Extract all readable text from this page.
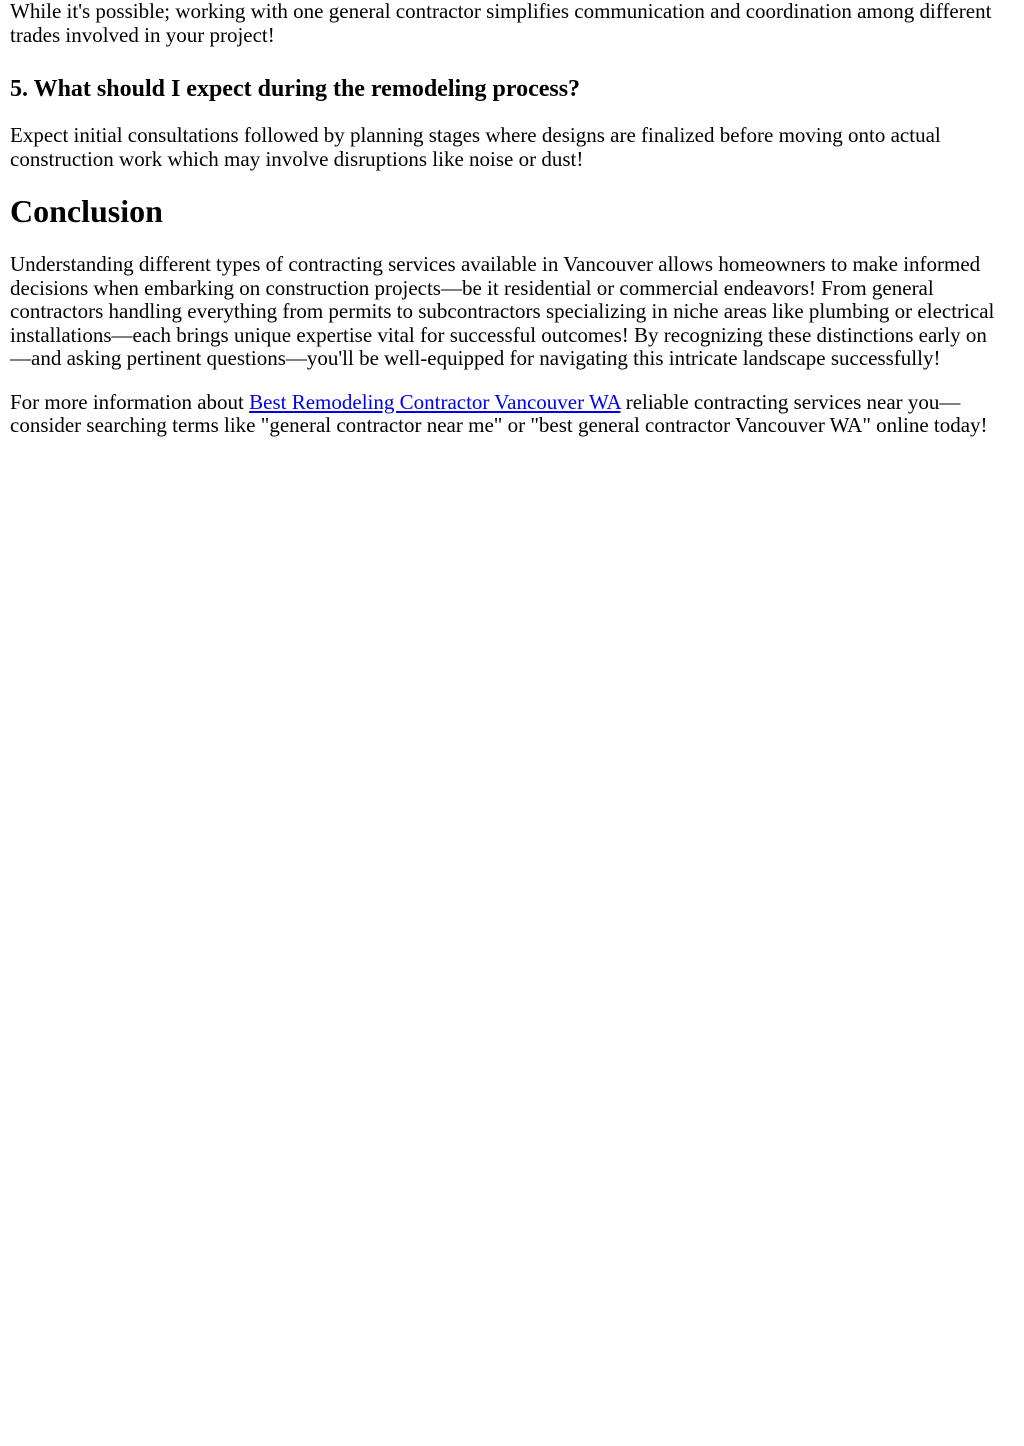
While it's possible; working with one general contractor simplifies communication and coordination among different trades involved in your project!

5. What should I expect during the remodeling process?

Expect initial consultations followed by planning stages where designs are finalized before moving onto actual construction work which may involve disruptions like noise or dust!

Conclusion

Understanding different types of contracting services available in Vancouver allows homeowners to make informed decisions when embarking on construction projects—be it residential or commercial endeavors! From general contractors handling everything from permits to subcontractors specializing in niche areas like plumbing or electrical installations—each brings unique expertise vital for successful outcomes! By recognizing these distinctions early on—and asking pertinent questions—you'll be well-equipped for navigating this intricate landscape successfully!

For more information about Best Remodeling Contractor Vancouver WA reliable contracting services near you—consider searching terms like "general contractor near me" or "best general contractor Vancouver WA" online today!
